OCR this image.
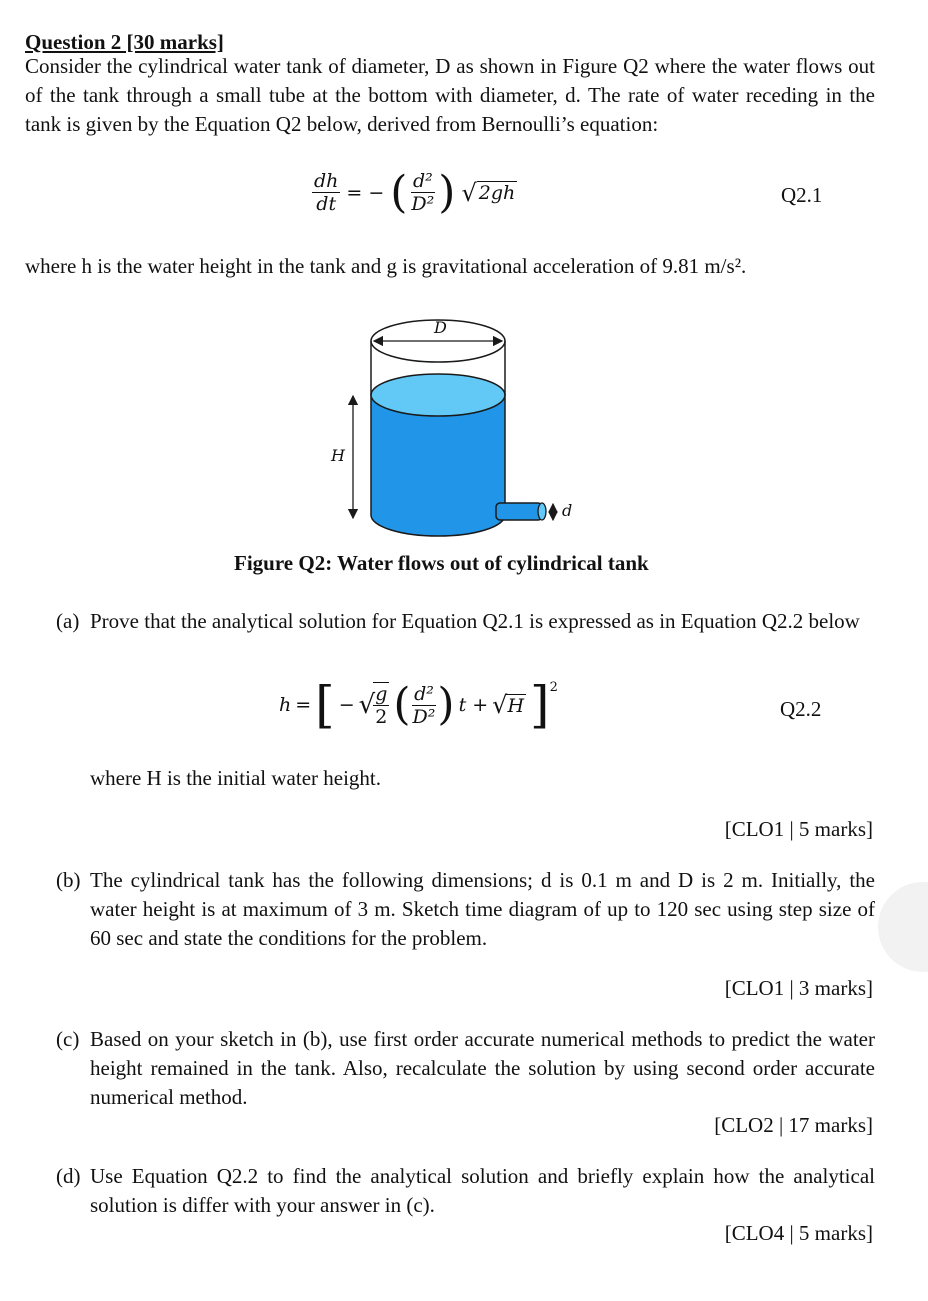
Question 2 [30 marks]
Consider the cylindrical water tank of diameter, D as shown in Figure Q2 where the water flows out of the tank through a small tube at the bottom with diameter, d. The rate of water receding in the tank is given by the Equation Q2 below, derived from Bernoulli’s equation:
$\frac{dh}{dt}$ = − ( $\frac{\text{d²}}{\text{D²}}$ ) √ 2gh	Q2.1
where h is the water height in the tank and g is gravitational acceleration of 9.81 m/s².
D
H
d
Figure Q2: Water flows out of cylindrical tank
(a) Prove that the analytical solution for Equation Q2.1 is expressed as in Equation Q2.2 below
h = [ − √
$\frac{g}{2}$ ( $\frac{\text{d²}}{\text{D²}}$ ) t + √ H ] 2
Q2.2
where H is the initial water height.
[CLO1 | 5 marks]
(b) The cylindrical tank has the following dimensions; d is 0.1 m and D is 2 m. Initially, the water height is at maximum of 3 m. Sketch time diagram of up to 120 sec using step size of 60 sec and state the conditions for the problem.
[CLO1 | 3 marks]
(c) Based on your sketch in (b), use first order accurate numerical methods to predict the water height remained in the tank. Also, recalculate the solution by using second order accurate numerical method.
[CLO2 | 17 marks]
(d) Use Equation Q2.2 to find the analytical solution and briefly explain how the analytical solution is differ with your answer in (c).
[CLO4 | 5 marks]
